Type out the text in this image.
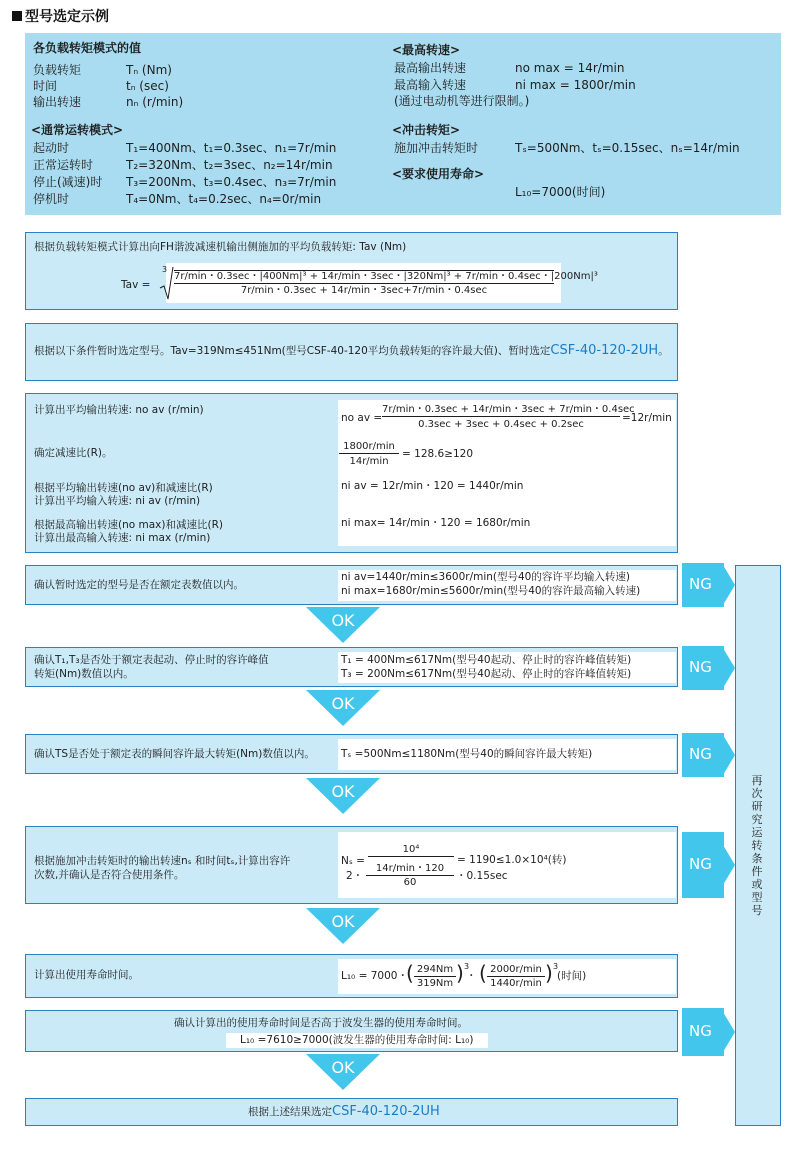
型号选定示例
各负载转矩模式的值
负载转矩	Tₙ (Nm)
时间	tₙ (sec)
输出转速	nₙ (r/min)
<通常运转模式>
起动时	T₁=400Nm、t₁=0.3sec、n₁=7r/min
正常运转时	T₂=320Nm、t₂=3sec、n₂=14r/min
停止(减速)时 T₃=200Nm、t₃=0.4sec、n₃=7r/min
停机时	T₄=0Nm、t₄=0.2sec、n₄=0r/min
<最高转速>
最高输出转速	no max = 14r/min
最高输入转速	ni max = 1800r/min
(通过电动机等进行限制。)
<冲击转矩>
施加冲击转矩时	Tₛ=500Nm、tₛ=0.15sec、nₛ=14r/min
<要求使用寿命>
L₁₀=7000(时间)
根据负载转矩模式计算出向FH谐波减速机输出侧施加的平均负载转矩: Tav (Nm)
Tav =
3
7r/min・0.3sec・|400Nm|³ + 14r/min・3sec・|320Nm|³ + 7r/min・0.4sec・|200Nm|³
7r/min・0.3sec + 14r/min・3sec+7r/min・0.4sec
根据以下条件暂时选定型号。Tav=319Nm≤451Nm(型号CSF-40-120平均负载转矩的容许最大值)、暂时选定CSF-40-120-2UH。
计算出平均输出转速: no av (r/min)
no av =
7r/min・0.3sec + 14r/min・3sec + 7r/min・0.4sec
0.3sec + 3sec + 0.4sec + 0.2sec
=12r/min
确定减速比(R)。
1800r/min
14r/min
= 128.6≥120
根据平均输出转速(no av)和减速比(R)
计算出平均输入转速: ni av (r/min)
ni av = 12r/min・120 = 1440r/min
根据最高输出转速(no max)和减速比(R)
计算出最高输入转速: ni max (r/min)
ni max= 14r/min・120 = 1680r/min
确认暂时选定的型号是否在额定表数值以内。
ni av=1440r/min≤3600r/min(型号40的容许平均输入转速)
ni max=1680r/min≤5600r/min(型号40的容许最高输入转速)
OK
确认T₁,T₃是否处于额定表起动、停止时的容许峰值
转矩(Nm)数值以内。
T₁ = 400Nm≤617Nm(型号40起动、停止时的容许峰值转矩)
T₃ = 200Nm≤617Nm(型号40起动、停止时的容许峰值转矩)
OK
确认TS是否处于额定表的瞬间容许最大转矩(Nm)数值以内。 Tₛ =500Nm≤1180Nm(型号40的瞬间容许最大转矩)
OK
根据施加冲击转矩时的输出转速nₛ 和时间tₛ,计算出容许
次数,并确认是否符合使用条件。
Nₛ =
10⁴
2・
14r/min・120
60
・0.15sec
= 1190≤1.0×10⁴(转)
OK
计算出使用寿命时间。	L₁₀ = 7000・
( 294Nm
319Nm ) 3
・ ( 2000r/min
1440r/min ) 3
(时间)
确认计算出的使用寿命时间是否高于波发生器的使用寿命时间。
L₁₀ =7610≥7000(波发生器的使用寿命时间: L₁₀)
OK
根据上述结果选定CSF-40-120-2UH
NG
NG
NG
NG
NG
再次研究运转条件或型号
